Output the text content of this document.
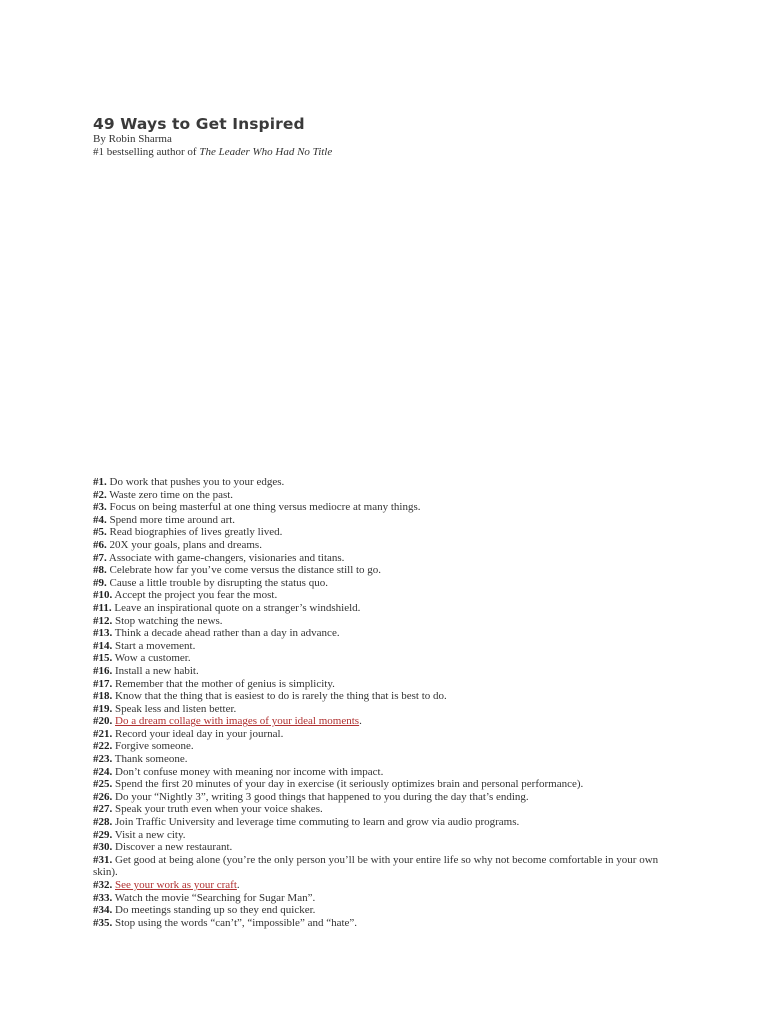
49 Ways to Get Inspired

By Robin Sharma

#1 bestselling author of The Leader Who Had No Title

#1. Do work that pushes you to your edges.
#2. Waste zero time on the past.
#3. Focus on being masterful at one thing versus mediocre at many things.
#4. Spend more time around art.
#5. Read biographies of lives greatly lived.
#6. 20X your goals, plans and dreams.
#7. Associate with game-changers, visionaries and titans.
#8. Celebrate how far you’ve come versus the distance still to go.
#9. Cause a little trouble by disrupting the status quo.
#10. Accept the project you fear the most.
#11. Leave an inspirational quote on a stranger’s windshield.
#12. Stop watching the news.
#13. Think a decade ahead rather than a day in advance.
#14. Start a movement.
#15. Wow a customer.
#16. Install a new habit.
#17. Remember that the mother of genius is simplicity.
#18. Know that the thing that is easiest to do is rarely the thing that is best to do.
#19. Speak less and listen better.
#20. Do a dream collage with images of your ideal moments.
#21. Record your ideal day in your journal.
#22. Forgive someone.
#23. Thank someone.
#24. Don’t confuse money with meaning nor income with impact.
#25. Spend the first 20 minutes of your day in exercise (it seriously optimizes brain and personal performance).
#26. Do your “Nightly 3”, writing 3 good things that happened to you during the day that’s ending.
#27. Speak your truth even when your voice shakes.
#28. Join Traffic University and leverage time commuting to learn and grow via audio programs.
#29. Visit a new city.
#30. Discover a new restaurant.
#31. Get good at being alone (you’re the only person you’ll be with your entire life so why not become comfortable in your own skin).
#32. See your work as your craft.
#33. Watch the movie “Searching for Sugar Man”.
#34. Do meetings standing up so they end quicker.
#35. Stop using the words “can’t”, “impossible” and “hate”.
